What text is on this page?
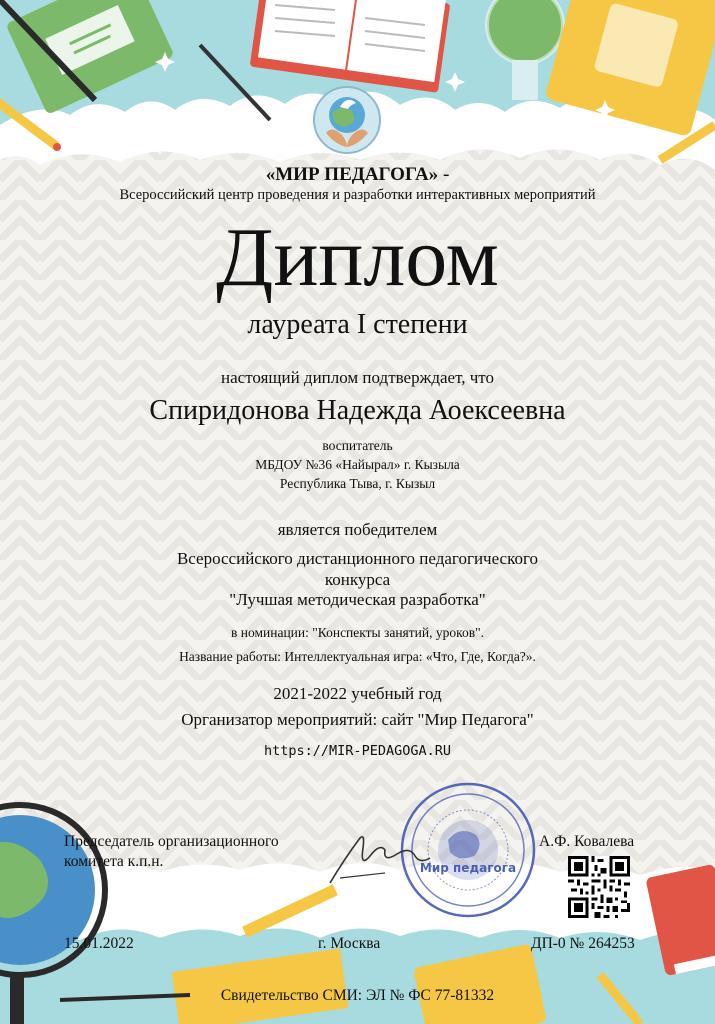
«МИР ПЕДАГОГА» -
Всероссийский центр проведения и разработки интерактивных мероприятий
Диплом
лауреата I степени
настоящий диплом подтверждает, что
Спиридонова Надежда Аоексеевна
воспитатель
МБДОУ №36 «Найырал» г. Кызыла
Республика Тыва, г. Кызыл
является победителем
Всероссийского дистанционного педагогического
конкурса
"Лучшая методическая разработка"
в номинации: "Конспекты занятий, уроков".
Название работы: Интеллектуальная игра: «Что, Где, Когда?».
2021-2022 учебный год
Организатор мероприятий: сайт "Мир Педагога"
https://MIR-PEDAGOGA.RU
Мир педагога
Председатель организационного
комитета к.п.н.
А.Ф. Ковалева
15.01.2022	г. Москва	ДП-0 № 264253
Свидетельство СМИ: ЭЛ № ФС 77-81332
